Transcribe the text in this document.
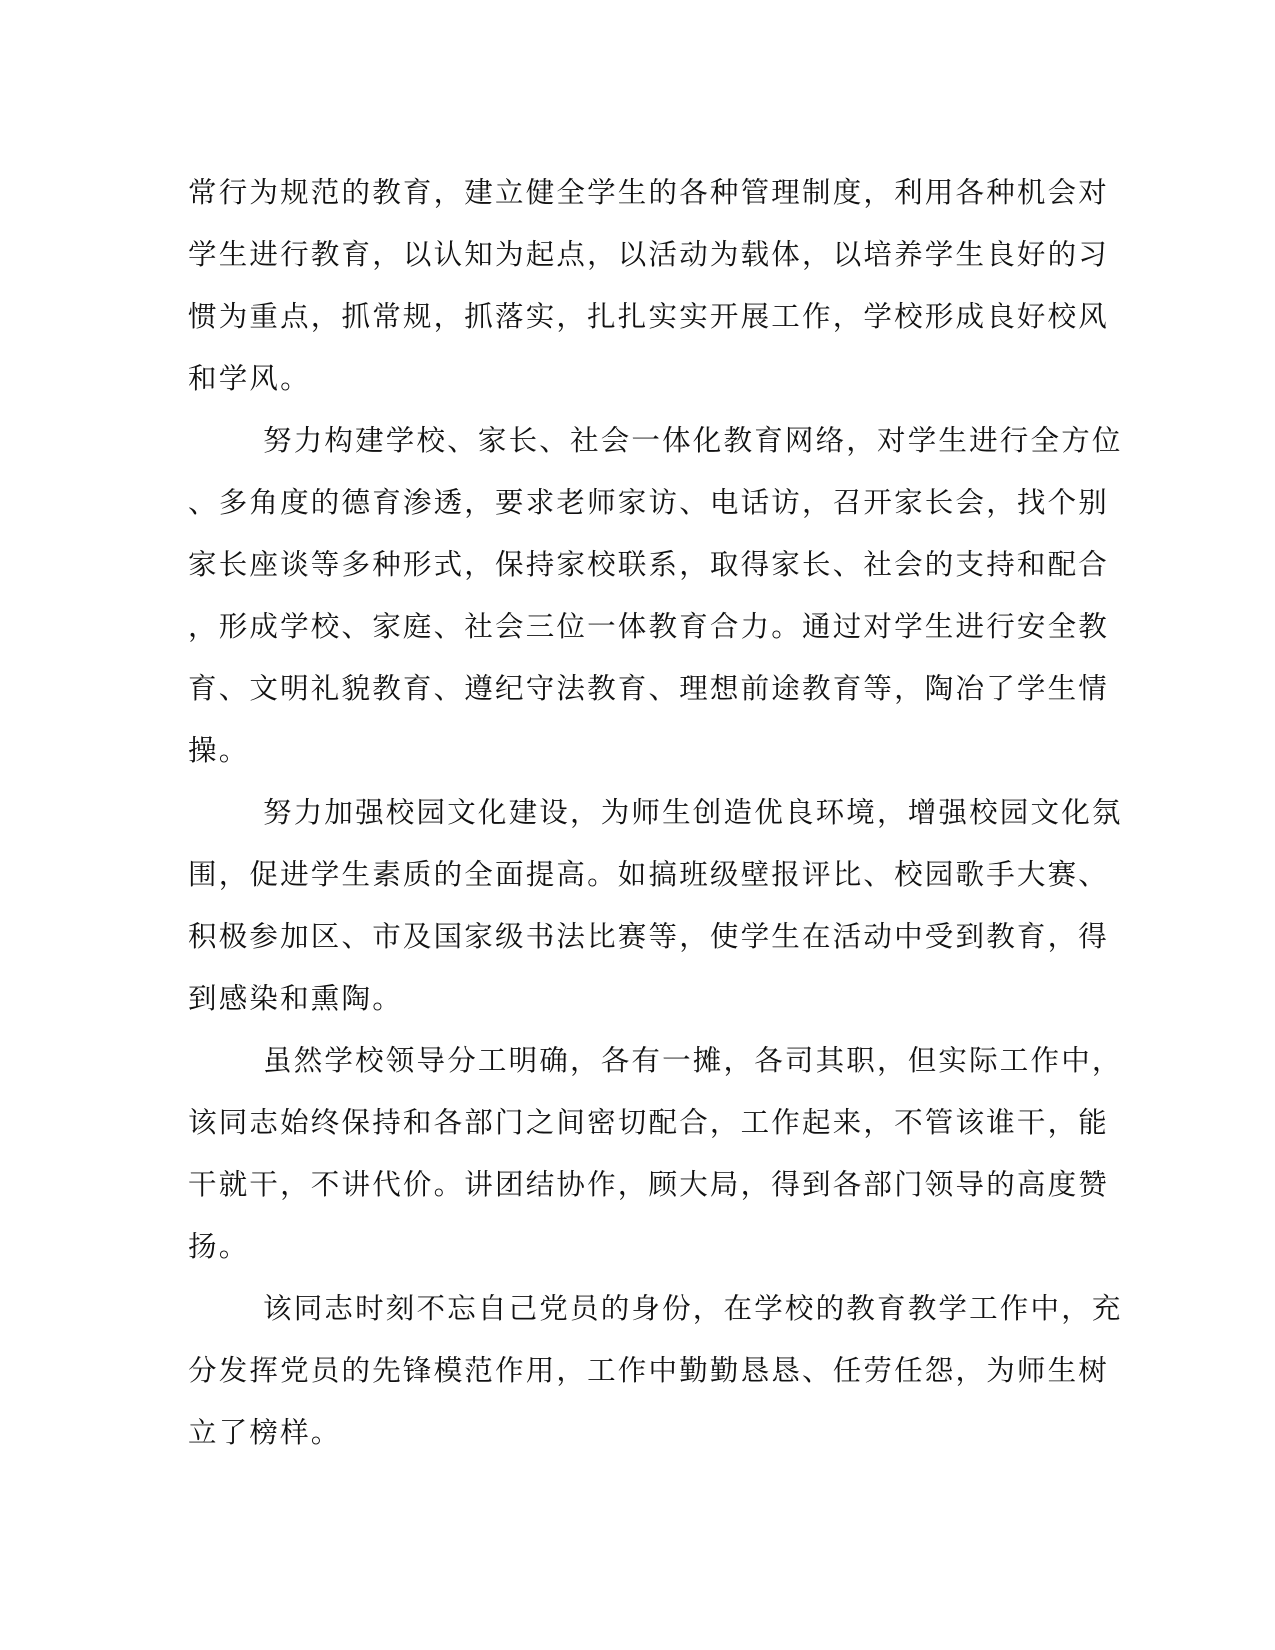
常行为规范的教育，建立健全学生的各种管理制度，利用各种机会对
学生进行教育，以认知为起点，以活动为载体，以培养学生良好的习
惯为重点，抓常规，抓落实，扎扎实实开展工作，学校形成良好校风
和学风。
努力构建学校、家长、社会一体化教育网络，对学生进行全方位
、多角度的德育渗透，要求老师家访、电话访，召开家长会，找个别
家长座谈等多种形式，保持家校联系，取得家长、社会的支持和配合
，形成学校、家庭、社会三位一体教育合力。通过对学生进行安全教
育、文明礼貌教育、遵纪守法教育、理想前途教育等，陶冶了学生情
操。
努力加强校园文化建设，为师生创造优良环境，增强校园文化氛
围，促进学生素质的全面提高。如搞班级壁报评比、校园歌手大赛、
积极参加区、市及国家级书法比赛等，使学生在活动中受到教育，得
到感染和熏陶。
虽然学校领导分工明确，各有一摊，各司其职，但实际工作中，
该同志始终保持和各部门之间密切配合，工作起来，不管该谁干，能
干就干，不讲代价。讲团结协作，顾大局，得到各部门领导的高度赞
扬。
该同志时刻不忘自己党员的身份，在学校的教育教学工作中，充
分发挥党员的先锋模范作用，工作中勤勤恳恳、任劳任怨，为师生树
立了榜样。
